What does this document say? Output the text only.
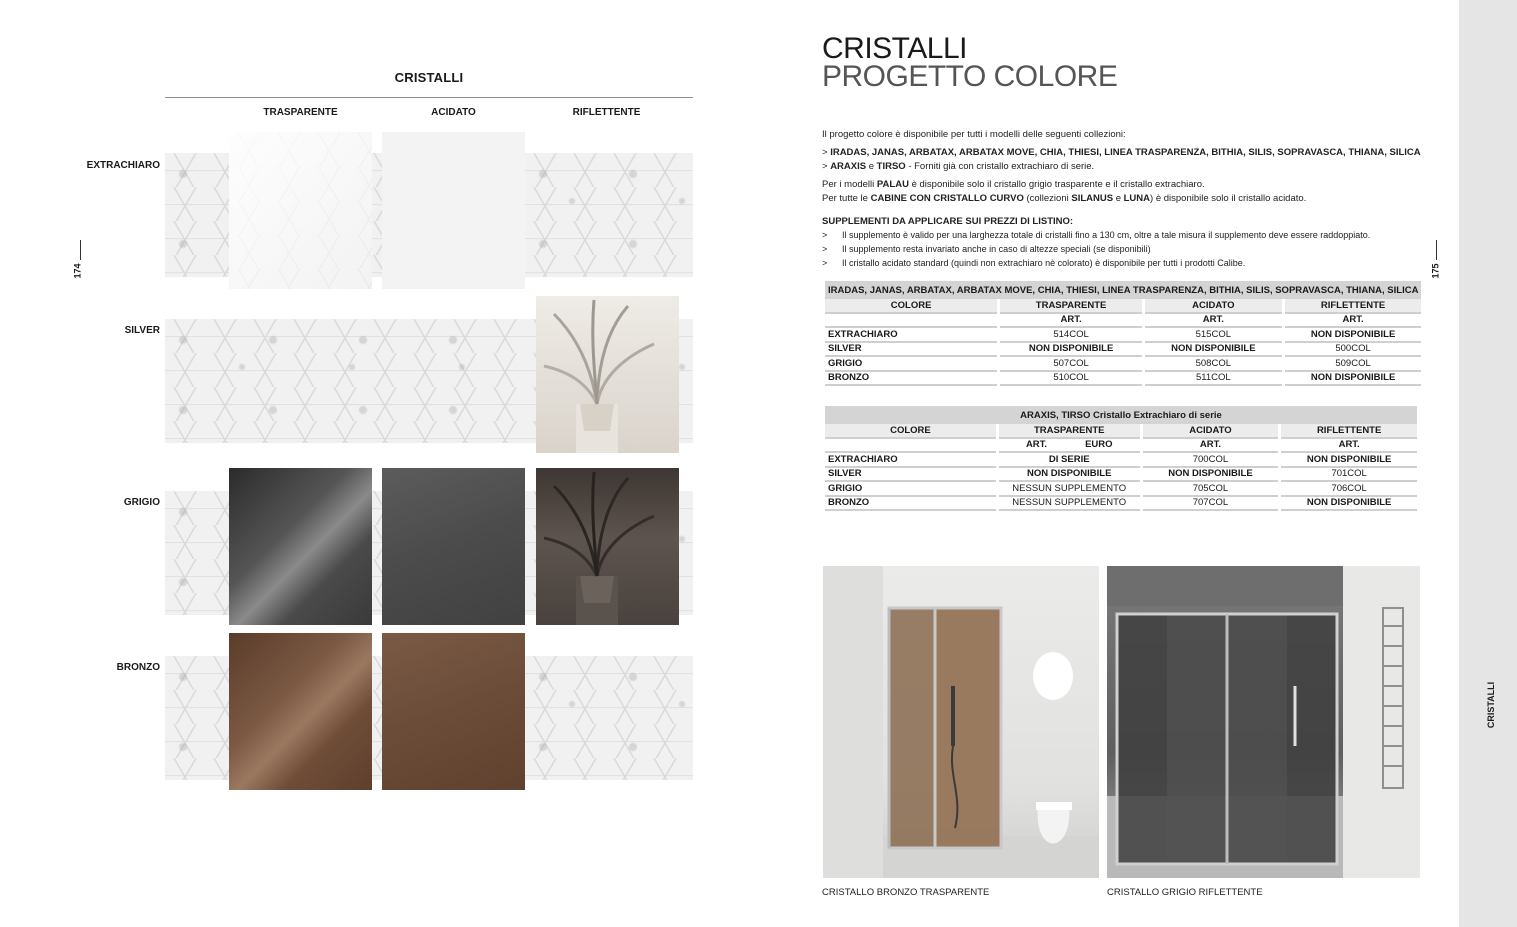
CRISTALLI
TRASPARENTE	ACIDATO	RIFLETTENTE
EXTRACHIARO
SILVER
GRIGIO
BRONZO
174
CRISTALLI
PROGETTO COLORE
Il progetto colore è disponibile per tutti i modelli delle seguenti collezioni:
> IRADAS, JANAS, ARBATAX, ARBATAX MOVE, CHIA, THIESI, LINEA TRASPARENZA, BITHIA, SILIS, SOPRAVASCA, THIANA, SILICA
> ARAXIS e TIRSO - Forniti già con cristallo extrachiaro di serie.
Per i modelli PALAU è disponibile solo il cristallo grigio trasparente e il cristallo extrachiaro.
Per tutte le CABINE CON CRISTALLO CURVO (collezioni SILANUS e LUNA) è disponibile solo il cristallo acidato.
SUPPLEMENTI DA APPLICARE SUI PREZZI DI LISTINO:
> Il supplemento è valido per una larghezza totale di cristalli fino a 130 cm, oltre a tale misura il supplemento deve essere raddoppiato.
> Il supplemento resta invariato anche in caso di altezze speciali (se disponibili)
> Il cristallo acidato standard (quindi non extrachiaro nè colorato) è disponibile per tutti i prodotti Calibe.
IRADAS, JANAS, ARBATAX, ARBATAX MOVE, CHIA, THIESI, LINEA TRASPARENZA, BITHIA, SILIS, SOPRAVASCA, THIANA, SILICA			
COLORE	TRASPARENTE	ACIDATO	RIFLETTENTE
	ART.	ART.	ART.
EXTRACHIARO	514COL	515COL	NON DISPONIBILE
SILVER	NON DISPONIBILE	NON DISPONIBILE	500COL
GRIGIO	507COL	508COL	509COL
BRONZO	510COL	511COL	NON DISPONIBILE
ARAXIS, TIRSO Cristallo Extrachiaro di serie			
COLORE	TRASPARENTE	ACIDATO	RIFLETTENTE
	ART. EURO	ART.	ART.
EXTRACHIARO	DI SERIE	700COL	NON DISPONIBILE
SILVER	NON DISPONIBILE	NON DISPONIBILE	701COL
GRIGIO	NESSUN SUPPLEMENTO	705COL	706COL
BRONZO	NESSUN SUPPLEMENTO	707COL	NON DISPONIBILE
CRISTALLO BRONZO TRASPARENTE	CRISTALLO GRIGIO RIFLETTENTE
175
CRISTALLI
